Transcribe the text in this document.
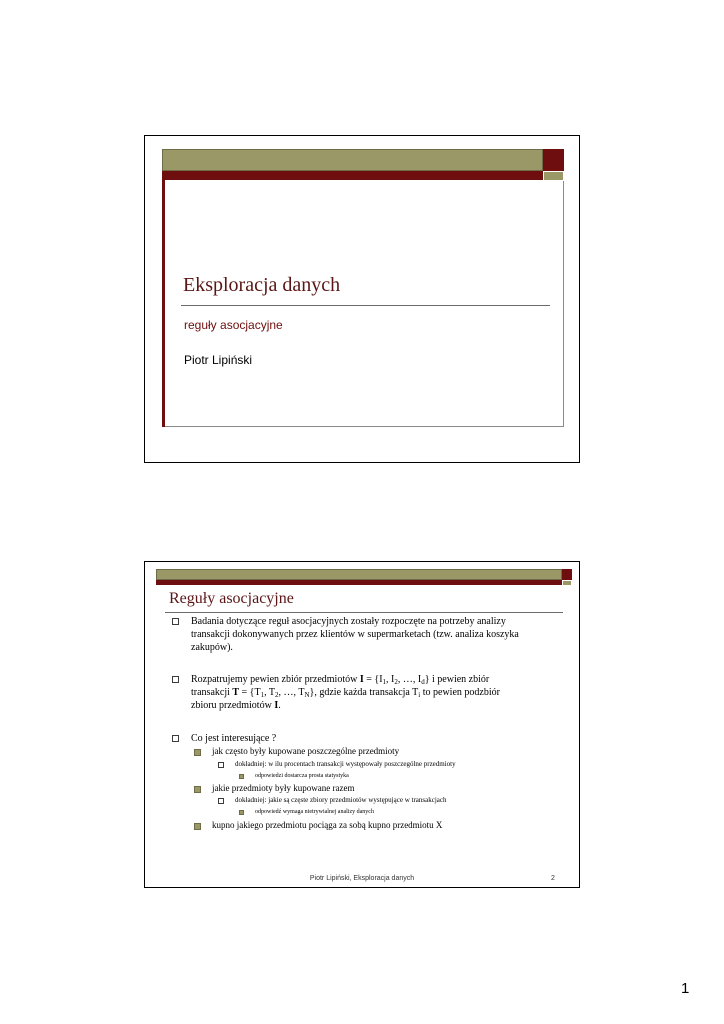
Eksploracja danych
reguły asocjacyjne
Piotr Lipiński
Reguły asocjacyjne
Badania dotyczące reguł asocjacyjnych zostały rozpoczęte na potrzeby analizy
transakcji dokonywanych przez klientów w supermarketach (tzw. analiza koszyka
zakupów).
Rozpatrujemy pewien zbiór przedmiotów $I = \{I_1$, $I_2$, …, $I_d$} i pewien zbiór
transakcji $T = \{T_1$, $T_2$, …, $T_N$}, gdzie każda transakcja $T_i$ to pewien podzbiór
zbioru przedmiotów I.
Co jest interesujące ?
jak często były kupowane poszczególne przedmioty
dokładniej: w ilu procentach transakcji występowały poszczególne przedmioty
odpowiedzi dostarcza prosta statystyka
jakie przedmioty były kupowane razem
dokładniej: jakie są częste zbiory przedmiotów występujące w transakcjach
odpowiedź wymaga nietrywialnej analizy danych
kupno jakiego przedmiotu pociąga za sobą kupno przedmiotu X
Piotr Lipiński, Eksploracja danych	2
1
